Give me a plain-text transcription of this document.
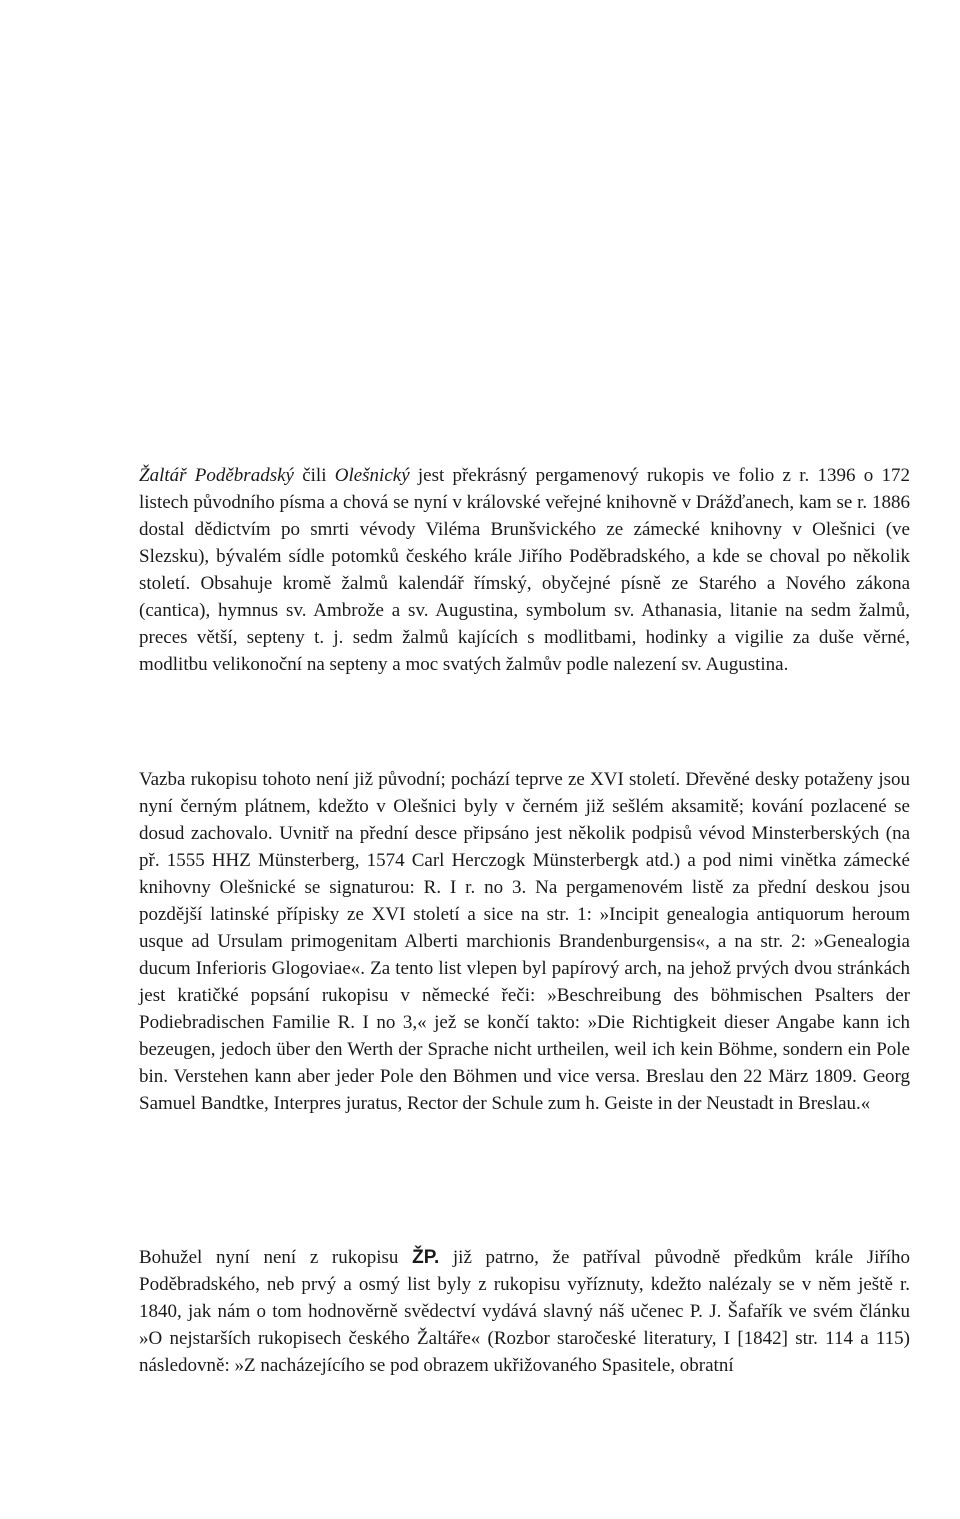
Žaltář Poděbradský čili Olešnický jest překrásný pergamenový rukopis ve folio z r. 1396 o 172 listech původního písma a chová se nyní v královské veřejné knihovně v Drážďanech, kam se r. 1886 dostal dědictvím po smrti vévody Viléma Brunšvického ze zámecké knihovny v Olešnici (ve Slezsku), bývalém sídle potomků českého krále Jiřího Poděbradského, a kde se choval po několik století. Obsahuje kromě žalmů kalendář římský, obyčejné písně ze Starého a Nového zákona (cantica), hymnus sv. Ambrože a sv. Augustina, symbolum sv. Athanasia, litanie na sedm žalmů, preces větší, septeny t. j. sedm žalmů kajících s modlitbami, hodinky a vigilie za duše věrné, modlitbu velikonoční na septeny a moc svatých žalmův podle nalezení sv. Augustina.

Vazba rukopisu tohoto není již původní; pochází teprve ze XVI století. Dřevěné desky potaženy jsou nyní černým plátnem, kdežto v Olešnici byly v černém již sešlém aksamitě; kování pozlacené se dosud zachovalo. Uvnitř na přední desce připsáno jest několik podpisů vévod Minsterberských (na př. 1555 HHZ Münsterberg, 1574 Carl Herczogk Münsterbergk atd.) a pod nimi vinětka zámecké knihovny Olešnické se signaturou: R. I r. no 3. Na pergamenovém listě za přední deskou jsou pozdější latinské přípisky ze XVI století a sice na str. 1: »Incipit genealogia antiquorum heroum usque ad Ursulam primogenitam Alberti marchionis Brandenburgensis«, a na str. 2: »Genealogia ducum Inferioris Glogoviae«. Za tento list vlepen byl papírový arch, na jehož prvých dvou stránkách jest kratičké popsání rukopisu v německé řeči: »Beschreibung des böhmischen Psalters der Podiebradischen Familie R. I no 3,« jež se končí takto: »Die Richtigkeit dieser Angabe kann ich bezeugen, jedoch über den Werth der Sprache nicht urtheilen, weil ich kein Böhme, sondern ein Pole bin. Verstehen kann aber jeder Pole den Böhmen und vice versa. Breslau den 22 März 1809. Georg Samuel Bandtke, Interpres juratus, Rector der Schule zum h. Geiste in der Neustadt in Breslau.«

Bohužel nyní není z rukopisu ŽP. již patrno, že patříval původně předkům krále Jiřího Poděbradského, neb prvý a osmý list byly z rukopisu vyříznuty, kdežto nalézaly se v něm ještě r. 1840, jak nám o tom hodnověrně svědectví vydává slavný náš učenec P. J. Šafařík ve svém článku »O nejstarších rukopisech českého Žaltáře« (Rozbor staročeské literatury, I [1842] str. 114 a 115) následovně: »Z nacházejícího se pod obrazem ukřižovaného Spasitele, obratní
